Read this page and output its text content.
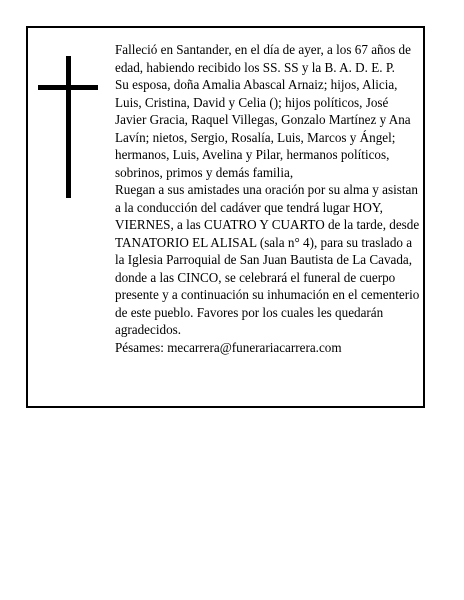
Falleció en Santander, en el día de ayer, a los 67 años de edad, habiendo recibido los SS. SS y la B. A. D. E. P.

Su esposa, doña Amalia Abascal Arnaiz; hijos, Alicia, Luis, Cristina, David y Celia (); hijos políticos, José Javier Gracia, Raquel Villegas, Gonzalo Martínez y Ana Lavín; nietos, Sergio, Rosalía, Luis, Marcos y Ángel; hermanos, Luis, Avelina y Pilar, hermanos políticos, sobrinos, primos y demás familia,

Ruegan a sus amistades una oración por su alma y asistan a la conducción del cadáver que tendrá lugar HOY, VIERNES, a las CUATRO Y CUARTO de la tarde, desde TANATORIO EL ALISAL (sala n° 4), para su traslado a la Iglesia Parroquial de San Juan Bautista de La Cavada, donde a las CINCO, se celebrará el funeral de cuerpo presente y a continuación su inhumación en el cementerio de este pueblo. Favores por los cuales les quedarán agradecidos.

Pésames: mecarrera@funerariacarrera.com
